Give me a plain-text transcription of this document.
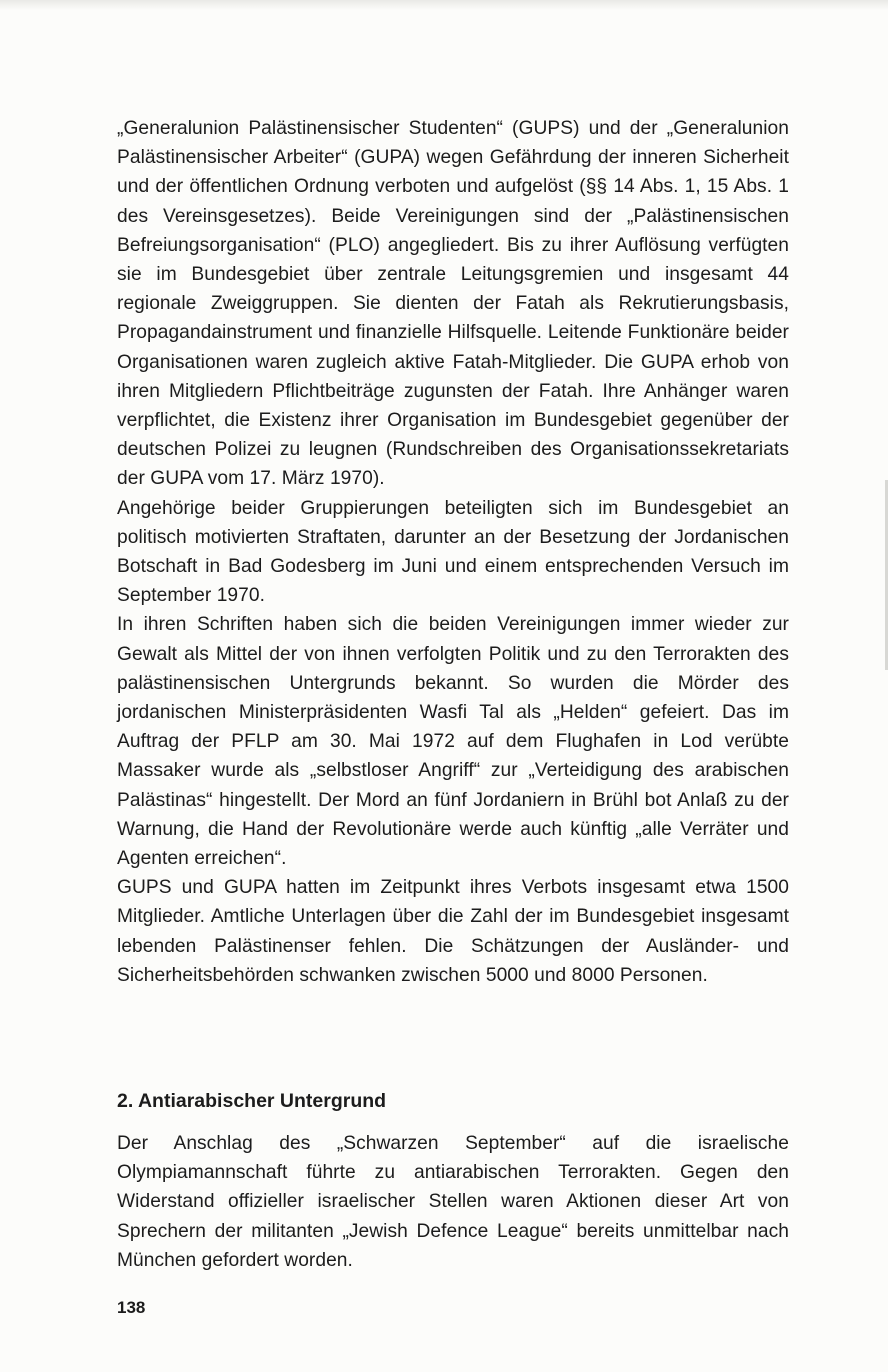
„Generalunion Palästinensischer Studenten“ (GUPS) und der „Generalunion Palästinensischer Arbeiter“ (GUPA) wegen Gefährdung der inneren Sicherheit und der öffentlichen Ordnung verboten und aufgelöst (§§ 14 Abs. 1, 15 Abs. 1 des Vereinsgesetzes). Beide Vereinigungen sind der „Palästinensischen Befreiungsorganisation“ (PLO) angegliedert. Bis zu ihrer Auflösung verfügten sie im Bundesgebiet über zentrale Leitungsgremien und insgesamt 44 regionale Zweiggruppen. Sie dienten der Fatah als Rekrutierungsbasis, Propagandainstrument und finanzielle Hilfsquelle. Leitende Funktionäre beider Organisationen waren zugleich aktive Fatah-Mitglieder. Die GUPA erhob von ihren Mitgliedern Pflichtbeiträge zugunsten der Fatah. Ihre Anhänger waren verpflichtet, die Existenz ihrer Organisation im Bundesgebiet gegenüber der deutschen Polizei zu leugnen (Rundschreiben des Organisationssekretariats der GUPA vom 17. März 1970).

Angehörige beider Gruppierungen beteiligten sich im Bundesgebiet an politisch motivierten Straftaten, darunter an der Besetzung der Jordanischen Botschaft in Bad Godesberg im Juni und einem entsprechenden Versuch im September 1970.

In ihren Schriften haben sich die beiden Vereinigungen immer wieder zur Gewalt als Mittel der von ihnen verfolgten Politik und zu den Terrorakten des palästinensischen Untergrunds bekannt. So wurden die Mörder des jordanischen Ministerpräsidenten Wasfi Tal als „Helden“ gefeiert. Das im Auftrag der PFLP am 30. Mai 1972 auf dem Flughafen in Lod verübte Massaker wurde als „selbstloser Angriff“ zur „Verteidigung des arabischen Palästinas“ hingestellt. Der Mord an fünf Jordaniern in Brühl bot Anlaß zu der Warnung, die Hand der Revolutionäre werde auch künftig „alle Verräter und Agenten erreichen“.

GUPS und GUPA hatten im Zeitpunkt ihres Verbots insgesamt etwa 1500 Mitglieder. Amtliche Unterlagen über die Zahl der im Bundesgebiet insgesamt lebenden Palästinenser fehlen. Die Schätzungen der Ausländer- und Sicherheitsbehörden schwanken zwischen 5000 und 8000 Personen.

2. Antiarabischer Untergrund

Der Anschlag des „Schwarzen September“ auf die israelische Olympiamannschaft führte zu antiarabischen Terrorakten. Gegen den Widerstand offizieller israelischer Stellen waren Aktionen dieser Art von Sprechern der militanten „Jewish Defence League“ bereits unmittelbar nach München gefordert worden.

138
